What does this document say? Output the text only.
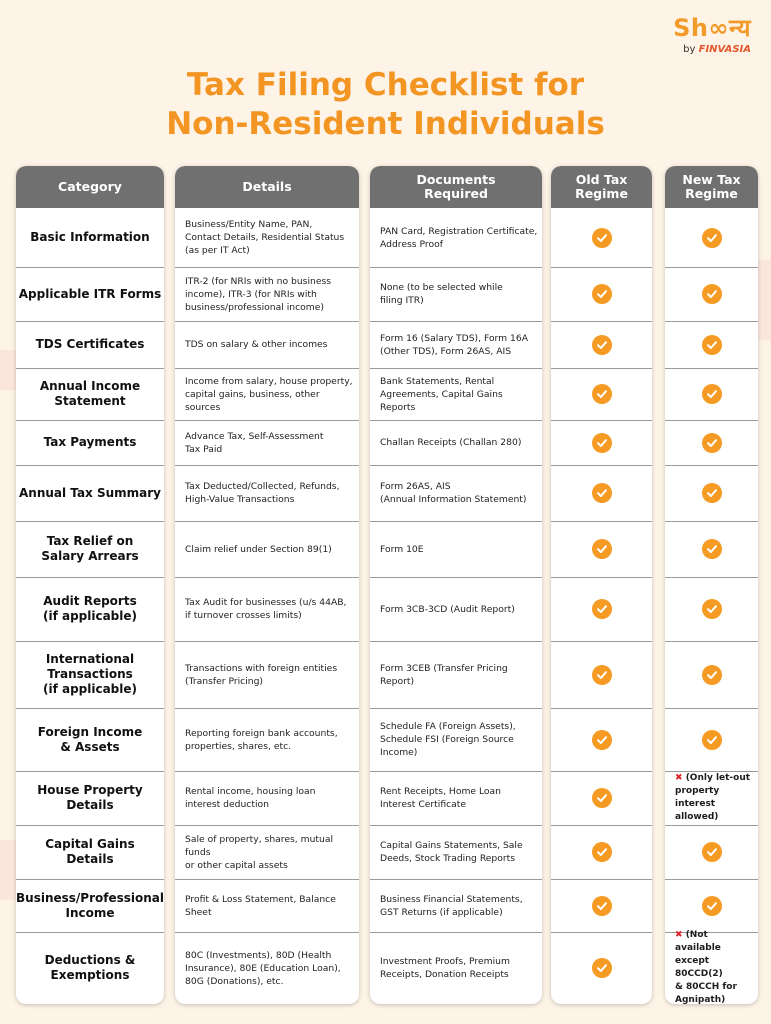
Sh∞न्य
by FINVASIA
Tax Filing Checklist for
Non-Resident Individuals
Category
Basic Information
Applicable ITR Forms
TDS Certificates
Annual Income
Statement
Tax Payments
Annual Tax Summary
Tax Relief on
Salary Arrears
Audit Reports
(if applicable)
International
Transactions
(if applicable)
Foreign Income
& Assets
House Property
Details
Capital Gains
Details
Business/Professional
Income
Deductions &
Exemptions
Details
Business/Entity Name, PAN,
Contact Details, Residential Status
(as per IT Act)
ITR-2 (for NRIs with no business
income), ITR-3 (for NRIs with
business/professional income)
TDS on salary & other incomes
Income from salary, house property,
capital gains, business, other sources
Advance Tax, Self-Assessment
Tax Paid
Tax Deducted/Collected, Refunds,
High-Value Transactions
Claim relief under Section 89(1)
Tax Audit for businesses (u/s 44AB,
if turnover crosses limits)
Transactions with foreign entities
(Transfer Pricing)
Reporting foreign bank accounts,
properties, shares, etc.
Rental income, housing loan
interest deduction
Sale of property, shares, mutual funds
or other capital assets
Profit & Loss Statement, Balance Sheet
80C (Investments), 80D (Health
Insurance), 80E (Education Loan),
80G (Donations), etc.
Documents
Required
PAN Card, Registration Certificate,
Address Proof
None (to be selected while
filing ITR)
Form 16 (Salary TDS), Form 16A
(Other TDS), Form 26AS, AIS
Bank Statements, Rental
Agreements, Capital Gains Reports
Challan Receipts (Challan 280)
Form 26AS, AIS
(Annual Information Statement)
Form 10E
Form 3CB-3CD (Audit Report)
Form 3CEB (Transfer Pricing Report)
Schedule FA (Foreign Assets),
Schedule FSI (Foreign Source
Income)
Rent Receipts, Home Loan
Interest Certificate
Capital Gains Statements, Sale
Deeds, Stock Trading Reports
Business Financial Statements,
GST Returns (if applicable)
Investment Proofs, Premium
Receipts, Donation Receipts
Old Tax
Regime
New Tax
Regime
✖ (Only let-out
property interest
allowed)
✖ (Not available
except 80CCD(2)
& 80CCH for
Agnipath)
